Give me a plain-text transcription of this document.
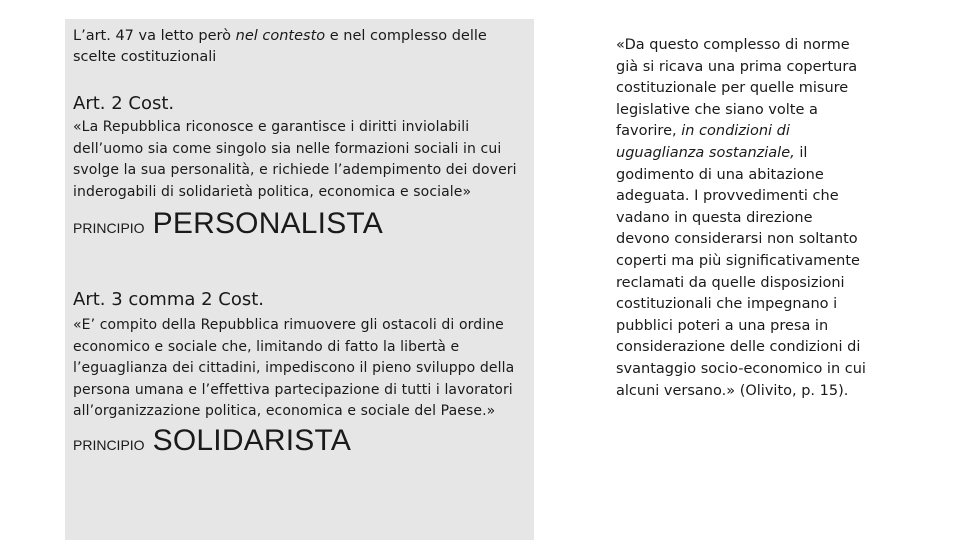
L’art. 47 va letto però nel contesto e nel complesso delle scelte costituzionali
Art. 2 Cost.
«La Repubblica riconosce e garantisce i diritti inviolabili dell’uomo sia come singolo sia nelle formazioni sociali in cui svolge la sua personalità, e richiede l’adempimento dei doveri inderogabili di solidarietà politica, economica e sociale»
PRINCIPIO PERSONALISTA
Art. 3 comma 2 Cost.
«E’ compito della Repubblica rimuovere gli ostacoli di ordine economico e sociale che, limitando di fatto la libertà e l’eguaglianza dei cittadini, impediscono il pieno sviluppo della persona umana e l’effettiva partecipazione di tutti i lavoratori all’organizzazione politica, economica e sociale del Paese.»
PRINCIPIO SOLIDARISTA
«Da questo complesso di norme già si ricava una prima copertura costituzionale per quelle misure legislative che siano volte a favorire, in condizioni di uguaglianza sostanziale, il godimento di una abitazione adeguata. I provvedimenti che vadano in questa direzione devono considerarsi non soltanto coperti ma più significativamente reclamati da quelle disposizioni costituzionali che impegnano i pubblici poteri a una presa in considerazione delle condizioni di svantaggio socio-economico in cui alcuni versano.» (Olivito, p. 15).
